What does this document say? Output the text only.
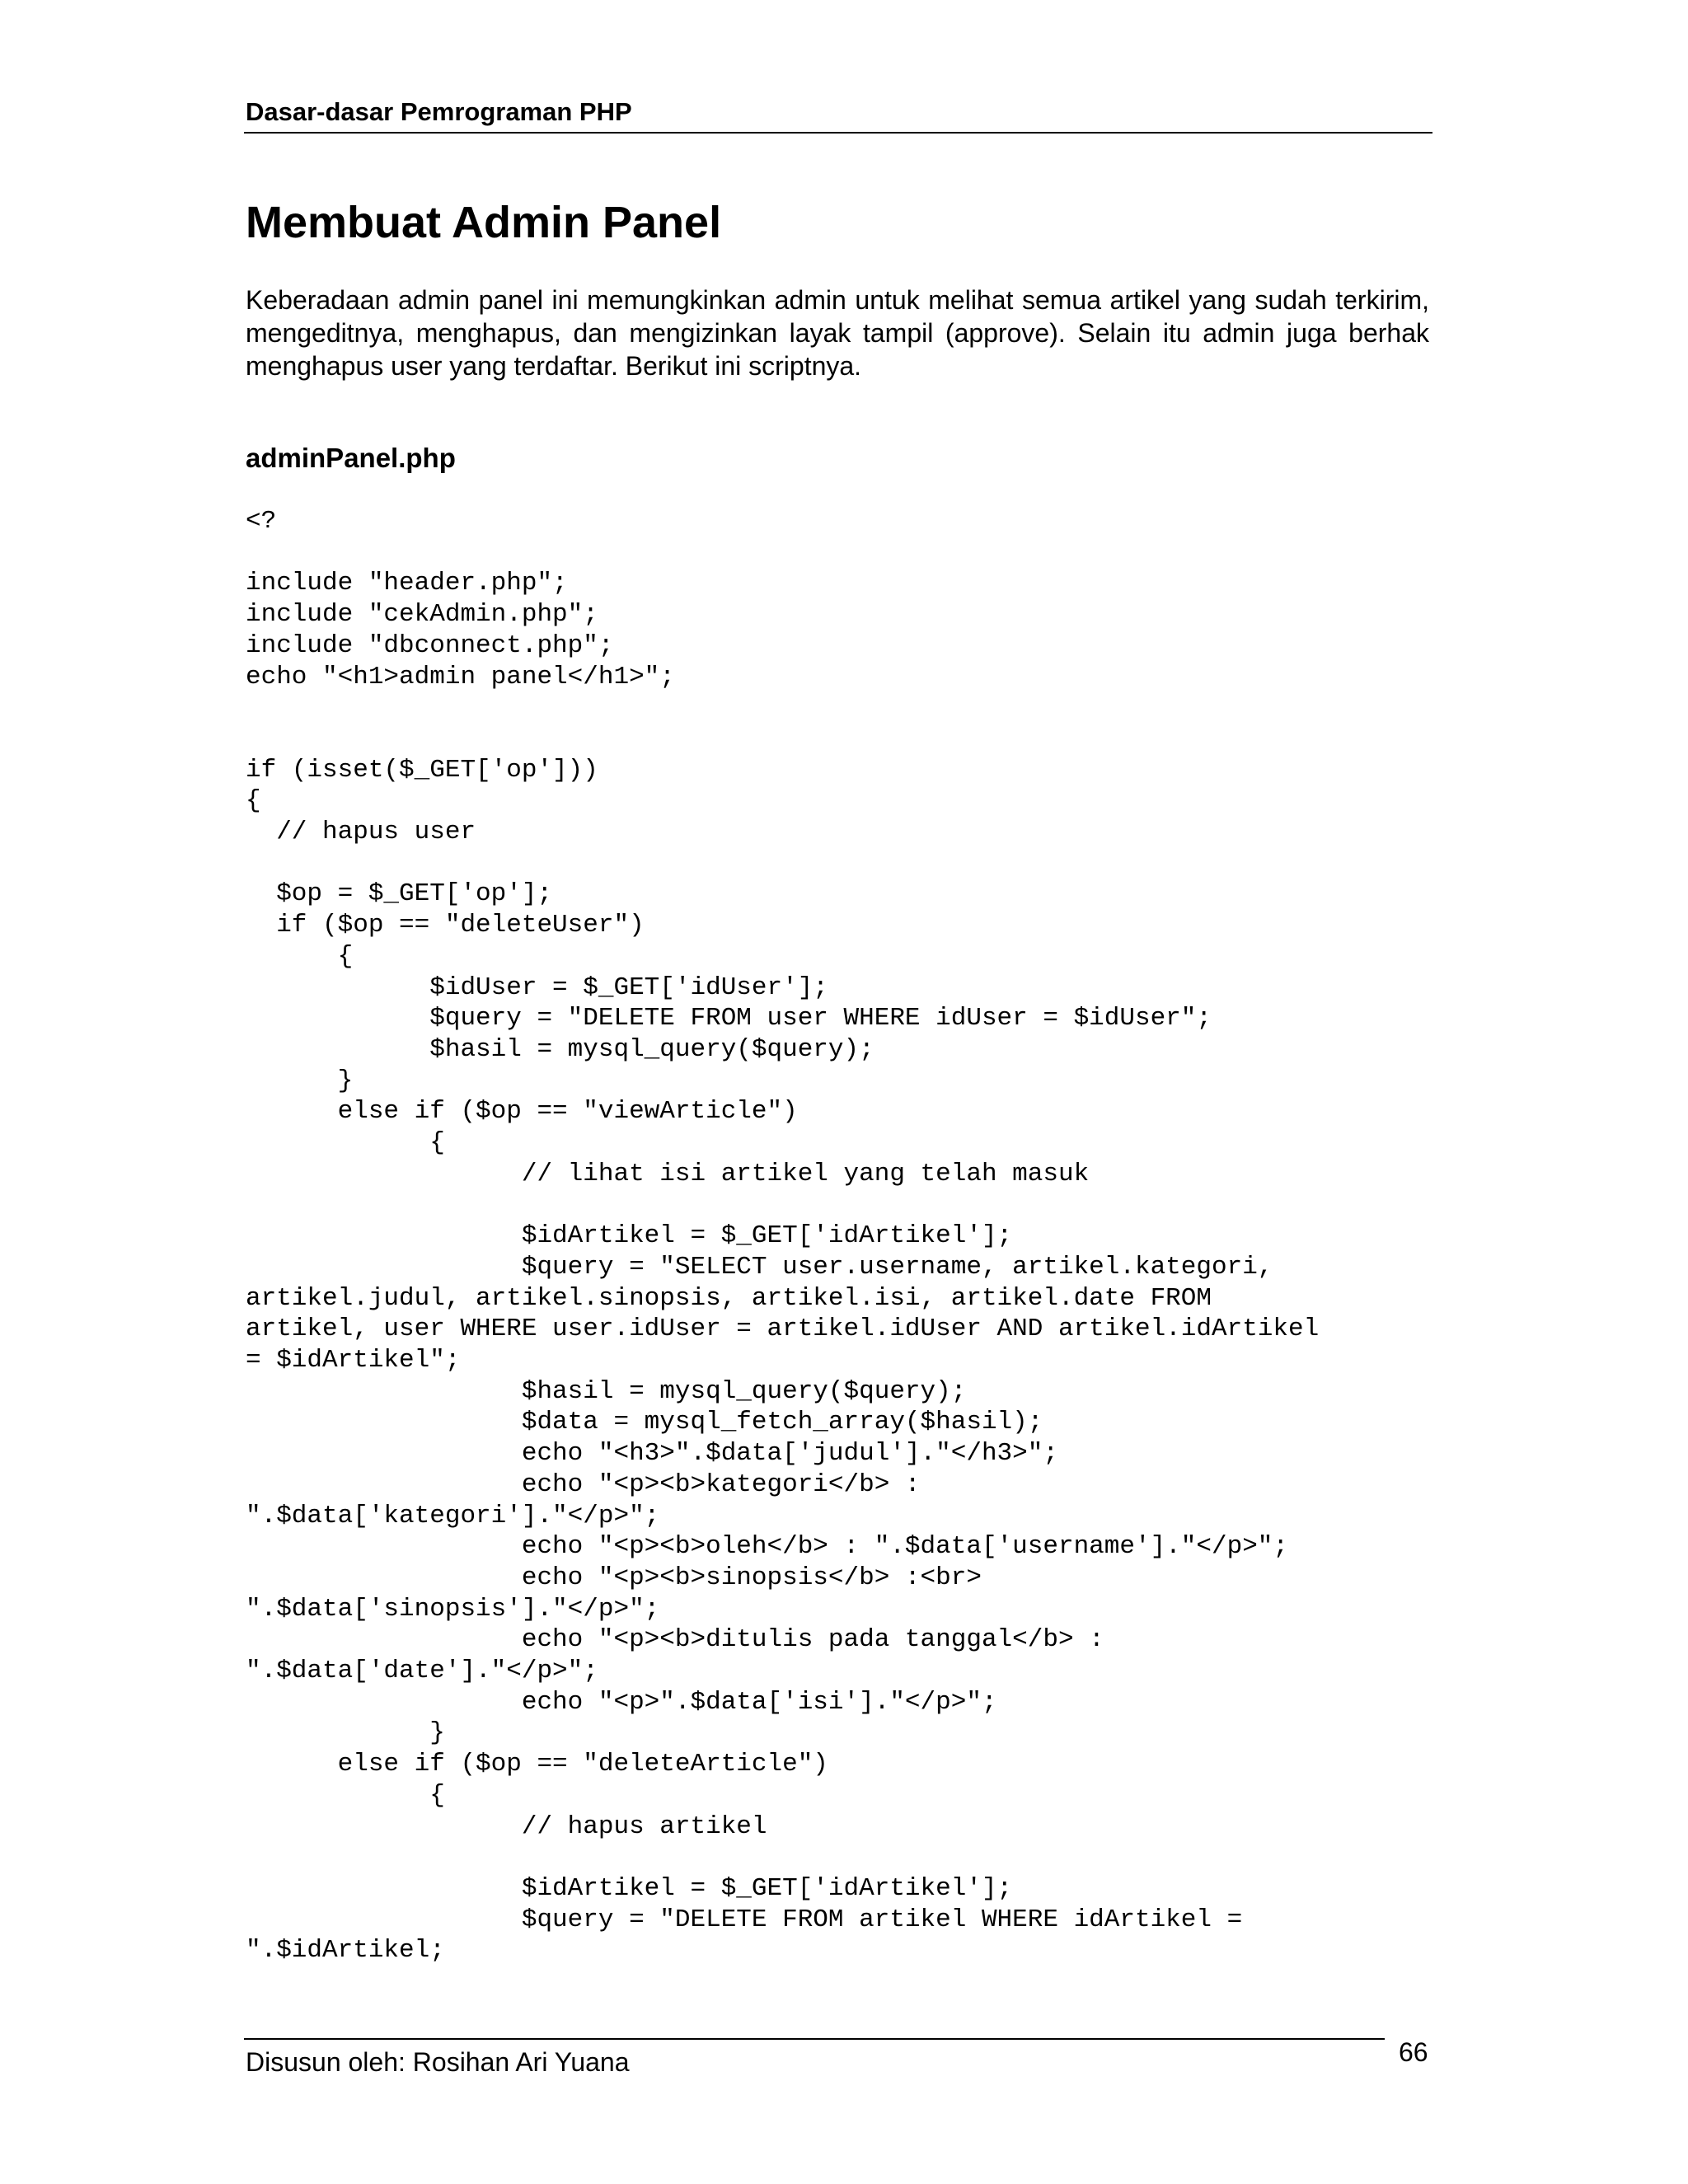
Dasar-dasar Pemrograman PHP
Membuat Admin Panel

Keberadaan admin panel ini memungkinkan admin untuk melihat semua artikel yang sudah terkirim, mengeditnya, menghapus, dan mengizinkan layak tampil (approve). Selain itu admin juga berhak menghapus user yang terdaftar. Berikut ini scriptnya.

adminPanel.php
<?

include "header.php";
include "cekAdmin.php";
include "dbconnect.php";
echo "<h1>admin panel</h1>";

if (isset($_GET['op']))
{
// hapus user

$op = $_GET['op'];
if ($op == "deleteUser")
{
$idUser = $_GET['idUser'];
$query = "DELETE FROM user WHERE idUser = $idUser";
$hasil = mysql_query($query);
}
else if ($op == "viewArticle")
{
// lihat isi artikel yang telah masuk

$idArtikel = $_GET['idArtikel'];
$query = "SELECT user.username, artikel.kategori,
artikel.judul, artikel.sinopsis, artikel.isi, artikel.date FROM
artikel, user WHERE user.idUser = artikel.idUser AND artikel.idArtikel
= $idArtikel";
$hasil = mysql_query($query);
$data = mysql_fetch_array($hasil);
echo "<h3>".$data['judul']."</h3>";
echo "<p><b>kategori</b> :
".$data['kategori']."</p>";
echo "<p><b>oleh</b> : ".$data['username']."</p>";
echo "<p><b>sinopsis</b> :<br>
".$data['sinopsis']."</p>";
echo "<p><b>ditulis pada tanggal</b> :
".$data['date']."</p>";
echo "<p>".$data['isi']."</p>";
}
else if ($op == "deleteArticle")
{
// hapus artikel

$idArtikel = $_GET['idArtikel'];
$query = "DELETE FROM artikel WHERE idArtikel =
".$idArtikel;
Disusun oleh: Rosihan Ari Yuana	66
